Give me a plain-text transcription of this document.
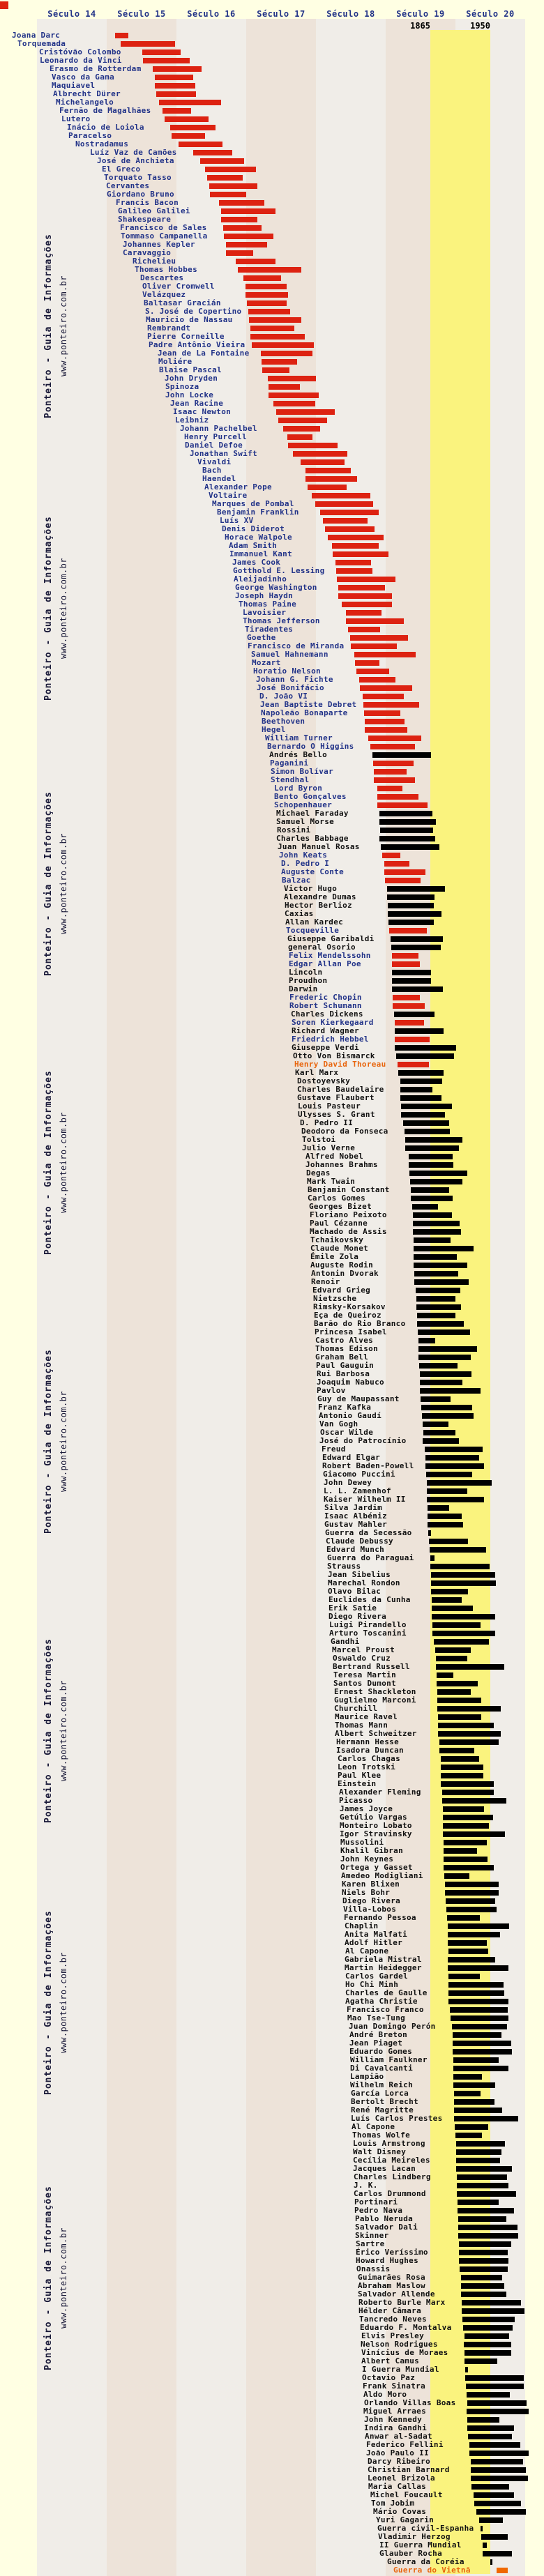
Século 14	Século 15	Século 16	Século 17	Século 18	Século 19	Século 20
1865	1950
Joana Darc
Torquemada
Cristóvão Colombo
Leonardo da Vinci
Erasmo de Rotterdam
Vasco da Gama
Maquiavel
Albrecht Dürer
Michelangelo
Fernão de Magalhães
Lutero
Inácio de Loiola
Paracelso
Nostradamus
Luíz Vaz de Camões
José de Anchieta
El Greco
Torquato Tasso
Cervantes
Giordano Bruno
Francis Bacon
Galileo Galilei
Shakespeare
Francisco de Sales
Tommaso Campanella
Johannes Kepler
Caravaggio
Richelieu
Thomas Hobbes
Descartes
Oliver Cromwell
Velázquez
Baltasar Gracián
S. José de Copertino
Mauricio de Nassau
Rembrandt
Pierre Corneille
Padre Antônio Vieira
Jean de La Fontaine
Moliére
Blaise Pascal
John Dryden
Spinoza
John Locke
Jean Racine
Isaac Newton
Leibniz
Johann Pachelbel
Henry Purcell
Daniel Defoe
Jonathan Swift
Vivaldi
Bach
Haendel
Alexander Pope
Voltaire
Marques de Pombal
Benjamin Franklin
Luís XV
Denis Diderot
Horace Walpole
Adam Smith
Immanuel Kant
James Cook
Gotthold E. Lessing
Aleijadinho
George Washington
Joseph Haydn
Thomas Paine
Lavoisier
Thomas Jefferson
Tiradentes
Goethe
Francisco de Miranda
Samuel Hahnemann
Mozart
Horatio Nelson
Johann G. Fichte
José Bonifácio
D. João VI
Jean Baptiste Debret
Napoleão Bonaparte
Beethoven
Hegel
William Turner
Bernardo O Higgins
Andrés Bello
Paganini
Simon Bolívar
Stendhal
Lord Byron
Bento Gonçalves
Schopenhauer
Michael Faraday
Samuel Morse
Rossini
Charles Babbage
Juan Manuel Rosas
John Keats
D. Pedro I
Auguste Conte
Balzac
Victor Hugo
Alexandre Dumas
Hector Berlioz
Caxias
Allan Kardec
Tocqueville
Giuseppe Garibaldi
general Osorio
Felix Mendelssohn
Edgar Allan Poe
Lincoln
Proudhon
Darwin
Frederic Chopin
Robert Schumann
Charles Dickens
Soren Kierkegaard
Richard Wagner
Friedrich Hebbel
Giuseppe Verdi
Otto Von Bismarck
Henry David Thoreau
Karl Marx
Dostoyevsky
Charles Baudelaire
Gustave Flaubert
Louis Pasteur
Ulysses S. Grant
D. Pedro II
Deodoro da Fonseca
Tolstoi
Julio Verne
Alfred Nobel
Johannes Brahms
Degas
Mark Twain
Benjamin Constant
Carlos Gomes
Georges Bizet
Floriano Peixoto
Paul Cézanne
Machado de Assis
Tchaikovsky
Claude Monet
Émile Zola
Auguste Rodin
Antonin Dvorak
Renoir
Edvard Grieg
Nietzsche
Rimsky-Korsakov
Eça de Queiroz
Barão do Rio Branco
Princesa Isabel
Castro Alves
Thomas Edison
Graham Bell
Paul Gauguin
Rui Barbosa
Joaquim Nabuco
Pavlov
Guy de Maupassant
Franz Kafka
Antonio Gaudí
Van Gogh
Oscar Wilde
José do Patrocínio
Freud
Edward Elgar
Robert Baden-Powell
Giacomo Puccini
John Dewey
L. L. Zamenhof
Kaiser Wilhelm II
Silva Jardim
Isaac Albéniz
Gustav Mahler
Guerra da Secessão
Claude Debussy
Edvard Munch
Guerra do Paraguai
Strauss
Jean Sibelius
Marechal Rondon
Olavo Bilac
Euclides da Cunha
Erik Satie
Diego Rivera
Luigi Pirandello
Arturo Toscanini
Gandhi
Marcel Proust
Oswaldo Cruz
Bertrand Russell
Teresa Martin
Santos Dumont
Ernest Shackleton
Guglielmo Marconi
Churchill
Maurice Ravel
Thomas Mann
Albert Schweitzer
Hermann Hesse
Isadora Duncan
Carlos Chagas
Leon Trotski
Paul Klee
Einstein
Alexander Fleming
Picasso
James Joyce
Getúlio Vargas
Monteiro Lobato
Igor Stravinsky
Mussolini
Khalil Gibran
John Keynes
Ortega y Gasset
Amedeo Modigliani
Karen Blixen
Niels Bohr
Diego Rivera
Villa-Lobos
Fernando Pessoa
Chaplin
Anita Malfati
Adolf Hitler
Al Capone
Gabriela Mistral
Martin Heidegger
Carlos Gardel
Ho Chi Minh
Charles de Gaulle
Agatha Christie
Francisco Franco
Mao Tse-Tung
Juan Domingo Perón
André Breton
Jean Piaget
Eduardo Gomes
William Faulkner
Di Cavalcanti
Lampião
Wilhelm Reich
García Lorca
Bertolt Brecht
René Magritte
Luís Carlos Prestes
Al Capone
Thomas Wolfe
Louis Armstrong
Walt Disney
Cecília Meireles
Jacques Lacan
Charles Lindberg
J. K.
Carlos Drummond
Portinari
Pedro Nava
Pablo Neruda
Salvador Dali
Skinner
Sartre
Érico Veríssimo
Howard Hughes
Onassis
Guimarães Rosa
Abraham Maslow
Salvador Allende
Roberto Burle Marx
Hélder Câmara
Tancredo Neves
Eduardo F. Montalva
Elvis Presley
Nelson Rodrigues
Vinícius de Moraes
Albert Camus
I Guerra Mundial
Octavio Paz
Frank Sinatra
Aldo Moro
Orlando Villas Boas
Miguel Arraes
John Kennedy
Indira Gandhi
Anwar al-Sadat
Federico Fellini
João Paulo II
Darcy Ribeiro
Christian Barnard
Leonel Brizola
Maria Callas
Michel Foucault
Tom Jobim
Mário Covas
Yuri Gagarin
Guerra civil-Espanha
Vladimir Herzog
II Guerra Mundial
Glauber Rocha
Guerra da Coréia
Guerra do Vietnã
Ponteiro - Guia de Informações www.ponteiro.com.br
Ponteiro - Guia de Informações www.ponteiro.com.br
Ponteiro - Guia de Informações www.ponteiro.com.br
Ponteiro - Guia de Informações www.ponteiro.com.br
Ponteiro - Guia de Informações www.ponteiro.com.br
Ponteiro - Guia de Informações www.ponteiro.com.br
Ponteiro - Guia de Informações www.ponteiro.com.br
Ponteiro - Guia de Informações www.ponteiro.com.br
